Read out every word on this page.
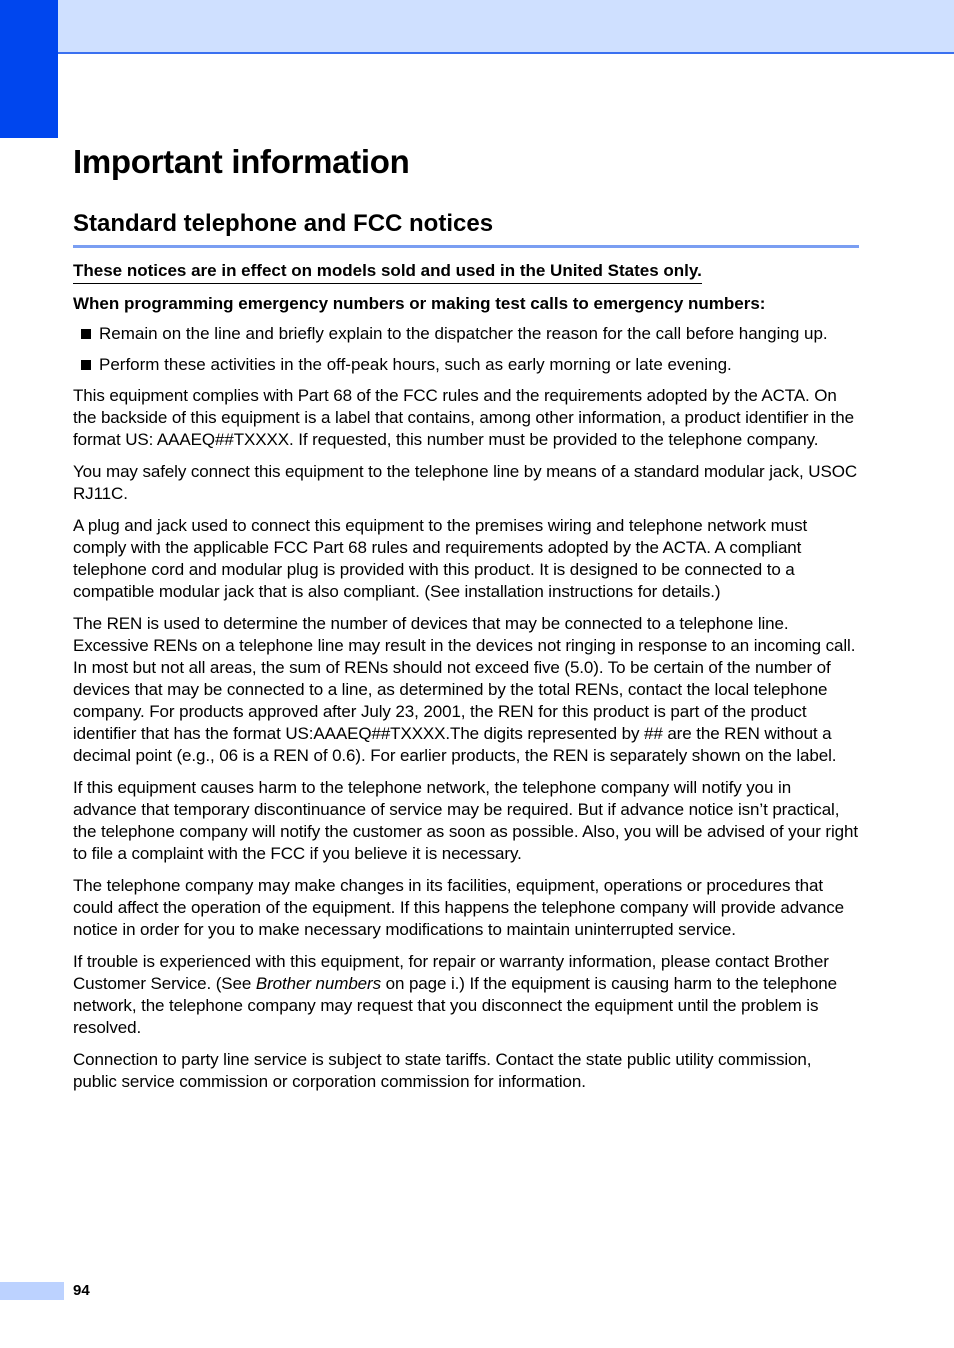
Important information
Standard telephone and FCC notices
These notices are in effect on models sold and used in the United States only.

When programming emergency numbers or making test calls to emergency numbers:

Remain on the line and briefly explain to the dispatcher the reason for the call before hanging up.
Perform these activities in the off-peak hours, such as early morning or late evening.

This equipment complies with Part 68 of the FCC rules and the requirements adopted by the ACTA. On the backside of this equipment is a label that contains, among other information, a product identifier in the format US: AAAEQ##TXXXX. If requested, this number must be provided to the telephone company.

You may safely connect this equipment to the telephone line by means of a standard modular jack, USOC RJ11C.

A plug and jack used to connect this equipment to the premises wiring and telephone network must comply with the applicable FCC Part 68 rules and requirements adopted by the ACTA. A compliant telephone cord and modular plug is provided with this product. It is designed to be connected to a compatible modular jack that is also compliant. (See installation instructions for details.)

The REN is used to determine the number of devices that may be connected to a telephone line. Excessive RENs on a telephone line may result in the devices not ringing in response to an incoming call. In most but not all areas, the sum of RENs should not exceed five (5.0). To be certain of the number of devices that may be connected to a line, as determined by the total RENs, contact the local telephone company. For products approved after July 23, 2001, the REN for this product is part of the product identifier that has the format US:AAAEQ##TXXXX.The digits represented by ## are the REN without a decimal point (e.g., 06 is a REN of 0.6). For earlier products, the REN is separately shown on the label.

If this equipment causes harm to the telephone network, the telephone company will notify you in advance that temporary discontinuance of service may be required. But if advance notice isn’t practical, the telephone company will notify the customer as soon as possible. Also, you will be advised of your right to file a complaint with the FCC if you believe it is necessary.

The telephone company may make changes in its facilities, equipment, operations or procedures that could affect the operation of the equipment. If this happens the telephone company will provide advance notice in order for you to make necessary modifications to maintain uninterrupted service.

If trouble is experienced with this equipment, for repair or warranty information, please contact Brother Customer Service. (See Brother numbers on page i.) If the equipment is causing harm to the telephone network, the telephone company may request that you disconnect the equipment until the problem is resolved.

Connection to party line service is subject to state tariffs. Contact the state public utility commission, public service commission or corporation commission for information.

94
